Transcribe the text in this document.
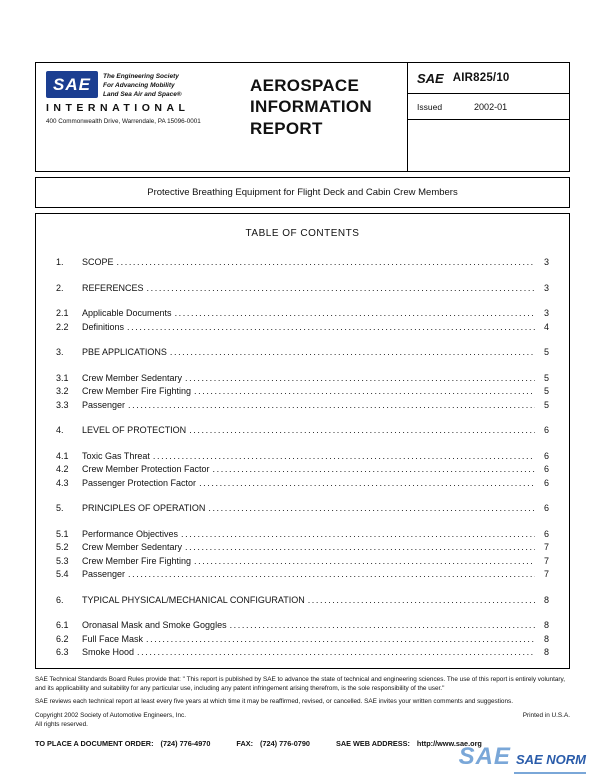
SAE The Engineering Society
For Advancing Mobility
Land Sea Air and Space®
INTERNATIONAL
400 Commonwealth Drive, Warrendale, PA 15096-0001
AEROSPACE
INFORMATION
REPORT
SAE AIR825/10
Issued	2002-01
Protective Breathing Equipment for Flight Deck and Cabin Crew Members
TABLE OF CONTENTS
1.	SCOPE .....	3
2.	REFERENCES .....	3
2.1	Applicable Documents .....	3
2.2	Definitions .....	4
3.	PBE APPLICATIONS .....	5
3.1	Crew Member Sedentary .....	5
3.2	Crew Member Fire Fighting .....	5
3.3	Passenger .....	5
4.	LEVEL OF PROTECTION .....	6
4.1	Toxic Gas Threat .....	6
4.2	Crew Member Protection Factor .....	6
4.3	Passenger Protection Factor .....	6
5.	PRINCIPLES OF OPERATION .....	6
5.1	Performance Objectives .....	6
5.2	Crew Member Sedentary .....	7
5.3	Crew Member Fire Fighting .....	7
5.4	Passenger .....	7
6.	TYPICAL PHYSICAL/MECHANICAL CONFIGURATION .....	8
6.1	Oronasal Mask and Smoke Goggles .....	8
6.2	Full Face Mask .....	8
6.3	Smoke Hood .....	8
SAE Technical Standards Board Rules provide that: " This report is published by SAE to advance the state of technical and engineering sciences. The use of this report is entirely voluntary, and its applicability and suitability for any particular use, including any patent infringement arising therefrom, is the sole responsibility of the user."
SAE reviews each technical report at least every five years at which time it may be reaffirmed, revised, or cancelled. SAE invites your written comments and suggestions.
Copyright 2002 Society of Automotive Engineers, Inc.
All rights reserved.
Printed in U.S.A.
TO PLACE A DOCUMENT ORDER: (724) 776-4970	FAX: (724) 776-0790	SAE WEB ADDRESS: http://www.sae.org
SAE SAE NORM
